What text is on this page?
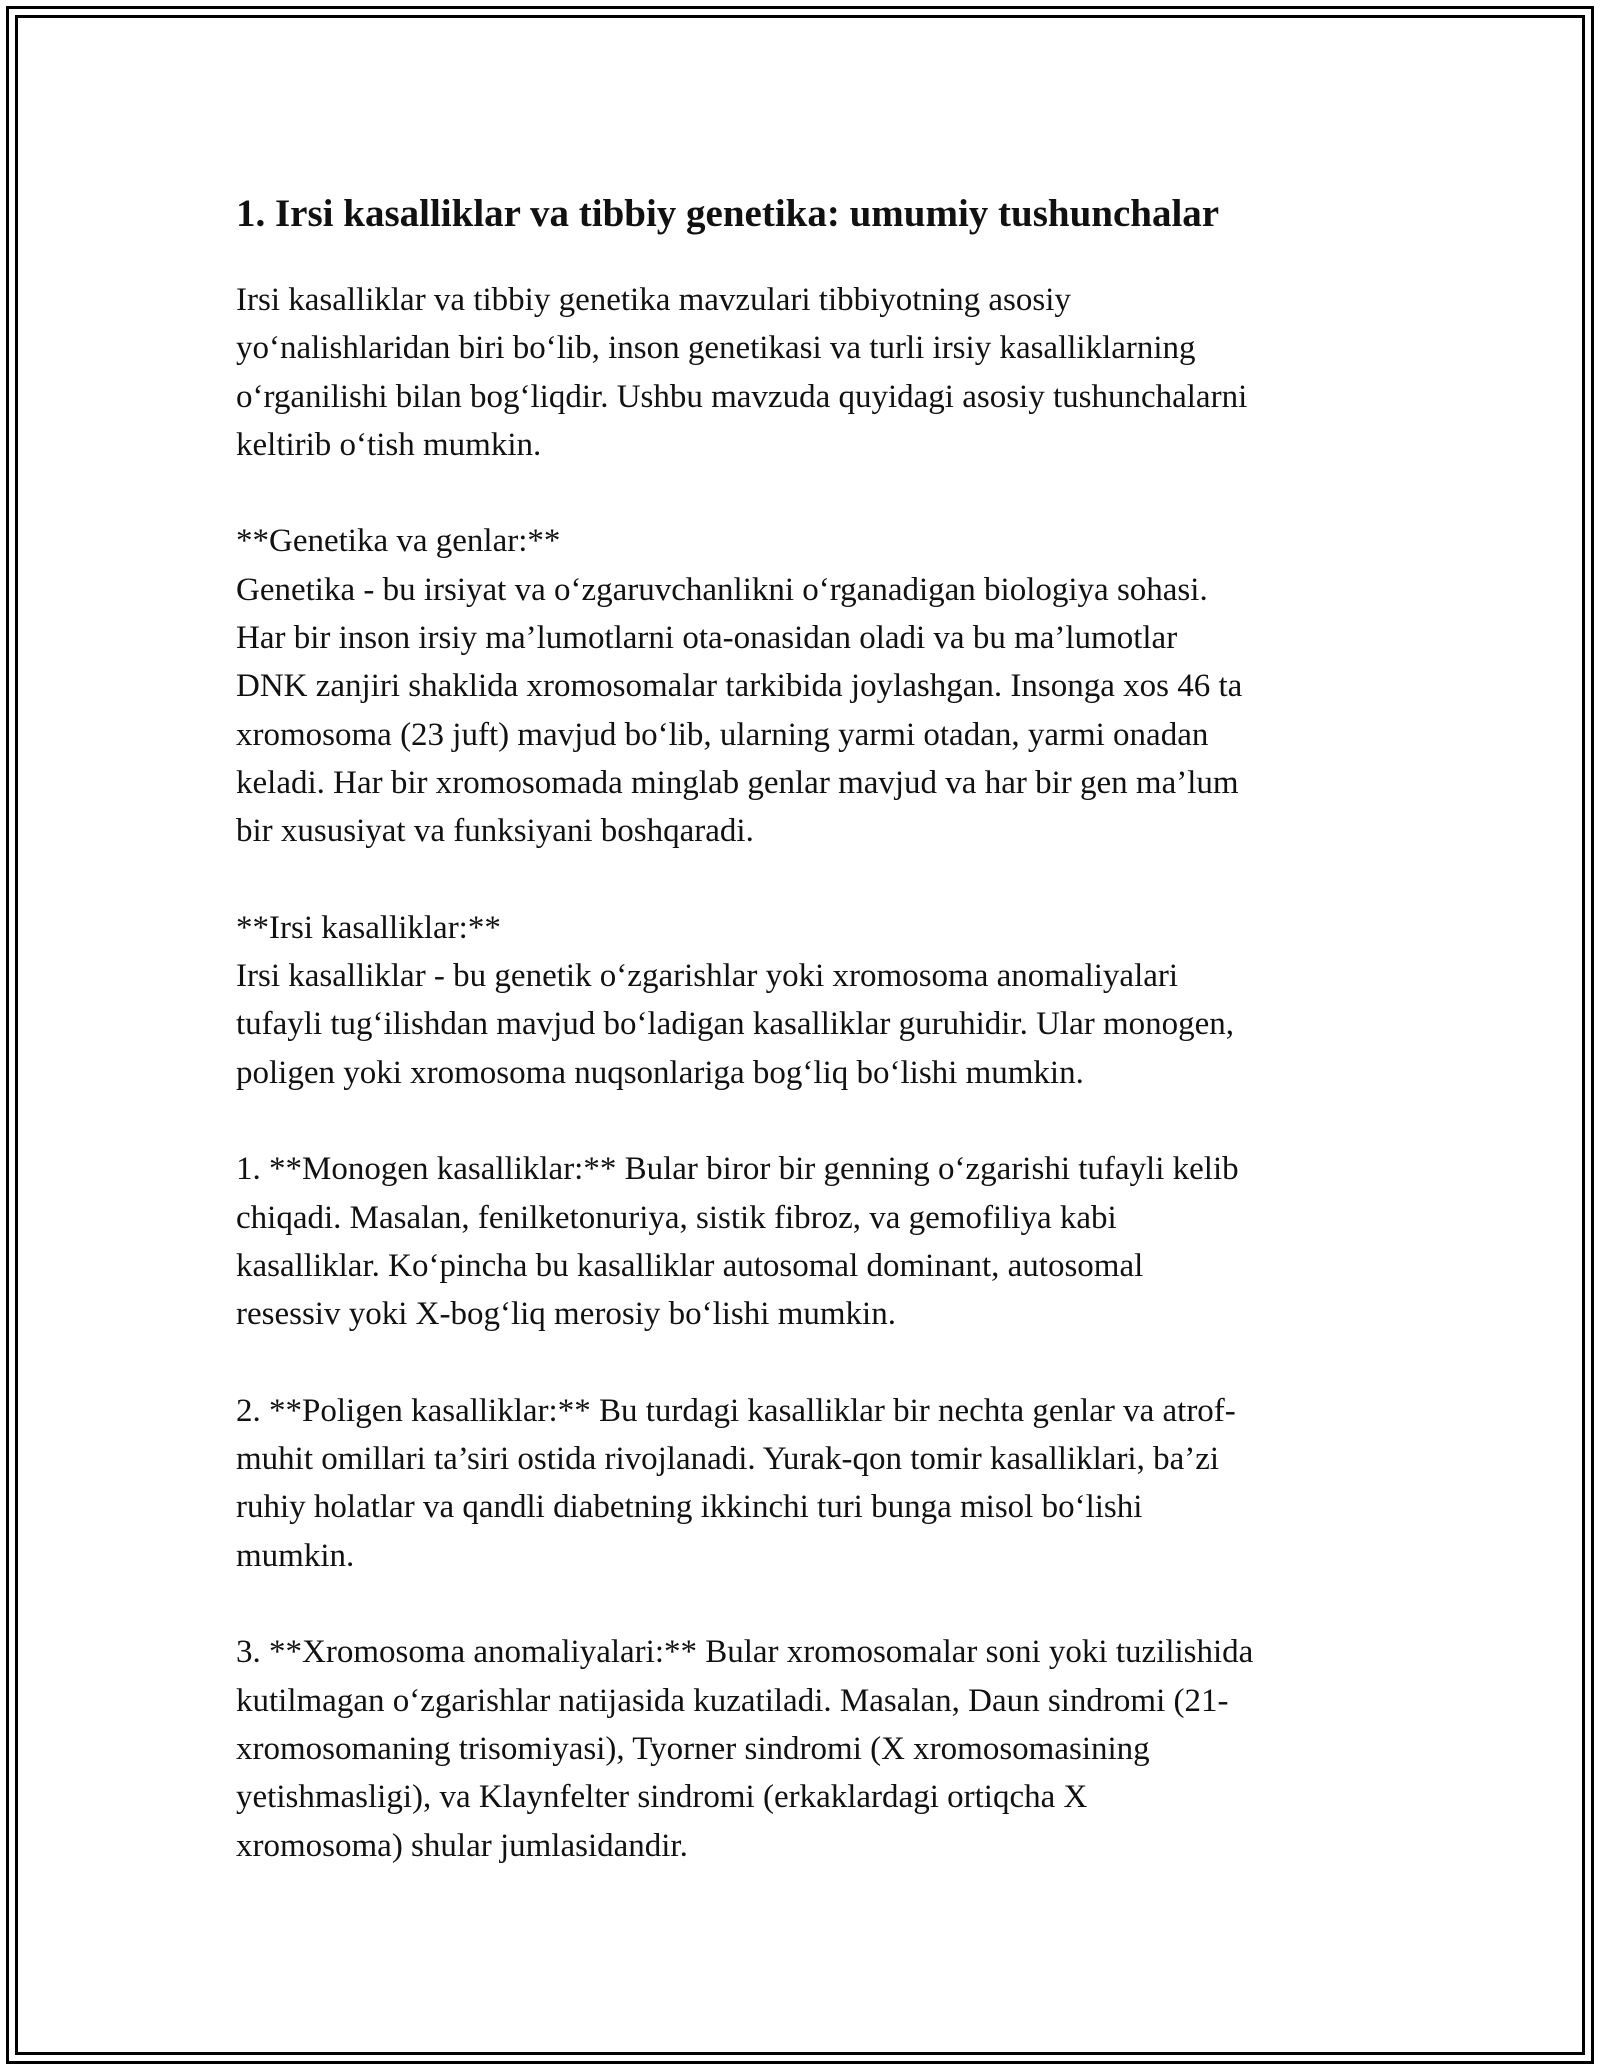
1. Irsi kasalliklar va tibbiy genetika: umumiy tushunchalar

Irsi kasalliklar va tibbiy genetika mavzulari tibbiyotning asosiy
yo‘nalishlaridan biri bo‘lib, inson genetikasi va turli irsiy kasalliklarning
o‘rganilishi bilan bog‘liqdir. Ushbu mavzuda quyidagi asosiy tushunchalarni
keltirib o‘tish mumkin.

**Genetika va genlar:**

Genetika - bu irsiyat va o‘zgaruvchanlikni o‘rganadigan biologiya sohasi.
Har bir inson irsiy ma’lumotlarni ota-onasidan oladi va bu ma’lumotlar
DNK zanjiri shaklida xromosomalar tarkibida joylashgan. Insonga xos 46 ta
xromosoma (23 juft) mavjud bo‘lib, ularning yarmi otadan, yarmi onadan
keladi. Har bir xromosomada minglab genlar mavjud va har bir gen ma’lum
bir xususiyat va funksiyani boshqaradi.

**Irsi kasalliklar:**

Irsi kasalliklar - bu genetik o‘zgarishlar yoki xromosoma anomaliyalari
tufayli tug‘ilishdan mavjud bo‘ladigan kasalliklar guruhidir. Ular monogen,
poligen yoki xromosoma nuqsonlariga bog‘liq bo‘lishi mumkin.

1. **Monogen kasalliklar:** Bular biror bir genning o‘zgarishi tufayli kelib
chiqadi. Masalan, fenilketonuriya, sistik fibroz, va gemofiliya kabi
kasalliklar. Ko‘pincha bu kasalliklar autosomal dominant, autosomal
resessiv yoki X-bog‘liq merosiy bo‘lishi mumkin.

2. **Poligen kasalliklar:** Bu turdagi kasalliklar bir nechta genlar va atrof-
muhit omillari ta’siri ostida rivojlanadi. Yurak-qon tomir kasalliklari, ba’zi
ruhiy holatlar va qandli diabetning ikkinchi turi bunga misol bo‘lishi
mumkin.

3. **Xromosoma anomaliyalari:** Bular xromosomalar soni yoki tuzilishida
kutilmagan o‘zgarishlar natijasida kuzatiladi. Masalan, Daun sindromi (21-
xromosomaning trisomiyasi), Tyorner sindromi (X xromosomasining
yetishmasligi), va Klaynfelter sindromi (erkaklardagi ortiqcha X
xromosoma) shular jumlasidandir.
